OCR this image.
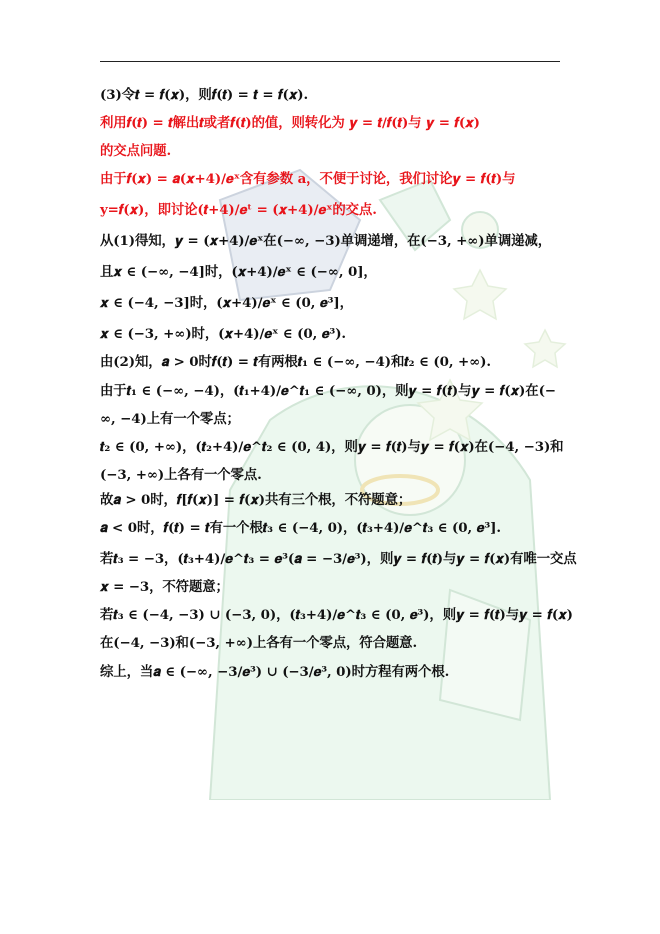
(3)令𝒕 = 𝒇(𝒙)，则𝒇(𝒕) = 𝒕 = 𝒇(𝒙).
利用𝒇(𝒕) = 𝒕解出𝒕或者𝒇(𝒕)的值，则转化为 𝒚 = 𝒕/𝒇(𝒕)与 𝒚 = 𝒇(𝒙)
的交点问题.
由于𝒇(𝒙) = 𝒂(𝒙+𝟒)/𝒆ˣ含有参数 a，不便于讨论，我们讨论𝒚 = 𝒇(𝒕)与
y=𝒇(𝒙)，即讨论(𝒕+𝟒)/𝒆ᵗ = (𝒙+𝟒)/𝒆ˣ的交点.
从(𝟏)得知，𝒚 = (𝒙+𝟒)/𝒆ˣ在(−∞, −𝟑)单调递增，在(−𝟑, +∞)单调递减，
且𝒙 ∈ (−∞, −𝟒]时，(𝒙+𝟒)/𝒆ˣ ∈ (−∞, 𝟎]，
𝒙 ∈ (−𝟒, −𝟑]时，(𝒙+𝟒)/𝒆ˣ ∈ (𝟎, 𝒆³]，
𝒙 ∈ (−𝟑, +∞)时，(𝒙+𝟒)/𝒆ˣ ∈ (𝟎, 𝒆³).
由(𝟐)知，𝒂 > 𝟎时𝒇(𝒕) = 𝒕有两根𝒕₁ ∈ (−∞, −𝟒)和𝒕₂ ∈ (𝟎, +∞).
由于𝒕₁ ∈ (−∞, −𝟒)，(𝒕₁+𝟒)/𝒆^𝒕₁ ∈ (−∞, 𝟎)，则𝒚 = 𝒇(𝒕)与𝒚 = 𝒇(𝒙)在(−
∞, −𝟒)上有一个零点；
𝒕₂ ∈ (𝟎, +∞)，(𝒕₂+𝟒)/𝒆^𝒕₂ ∈ (𝟎, 𝟒)，则𝒚 = 𝒇(𝒕)与𝒚 = 𝒇(𝒙)在(−𝟒, −𝟑)和
(−𝟑, +∞)上各有一个零点.
故𝒂 > 𝟎时，𝒇[𝒇(𝒙)] = 𝒇(𝒙)共有三个根，不符题意；
𝒂 < 𝟎时，𝒇(𝒕) = 𝒕有一个根𝒕₃ ∈ (−𝟒, 𝟎)，(𝒕₃+𝟒)/𝒆^𝒕₃ ∈ (𝟎, 𝒆³].
若𝒕₃ = −𝟑，(𝒕₃+𝟒)/𝒆^𝒕₃ = 𝒆³(𝒂 = −𝟑/𝒆³)，则𝒚 = 𝒇(𝒕)与𝒚 = 𝒇(𝒙)有唯一交点
𝒙 = −𝟑，不符题意；
若𝒕₃ ∈ (−𝟒, −𝟑) ∪ (−𝟑, 𝟎)，(𝒕₃+𝟒)/𝒆^𝒕₃ ∈ (𝟎, 𝒆³)，则𝒚 = 𝒇(𝒕)与𝒚 = 𝒇(𝒙)
在(−𝟒, −𝟑)和(−𝟑, +∞)上各有一个零点，符合题意.
综上，当𝒂 ∈ (−∞, −𝟑/𝒆³) ∪ (−𝟑/𝒆³, 𝟎)时方程有两个根.
